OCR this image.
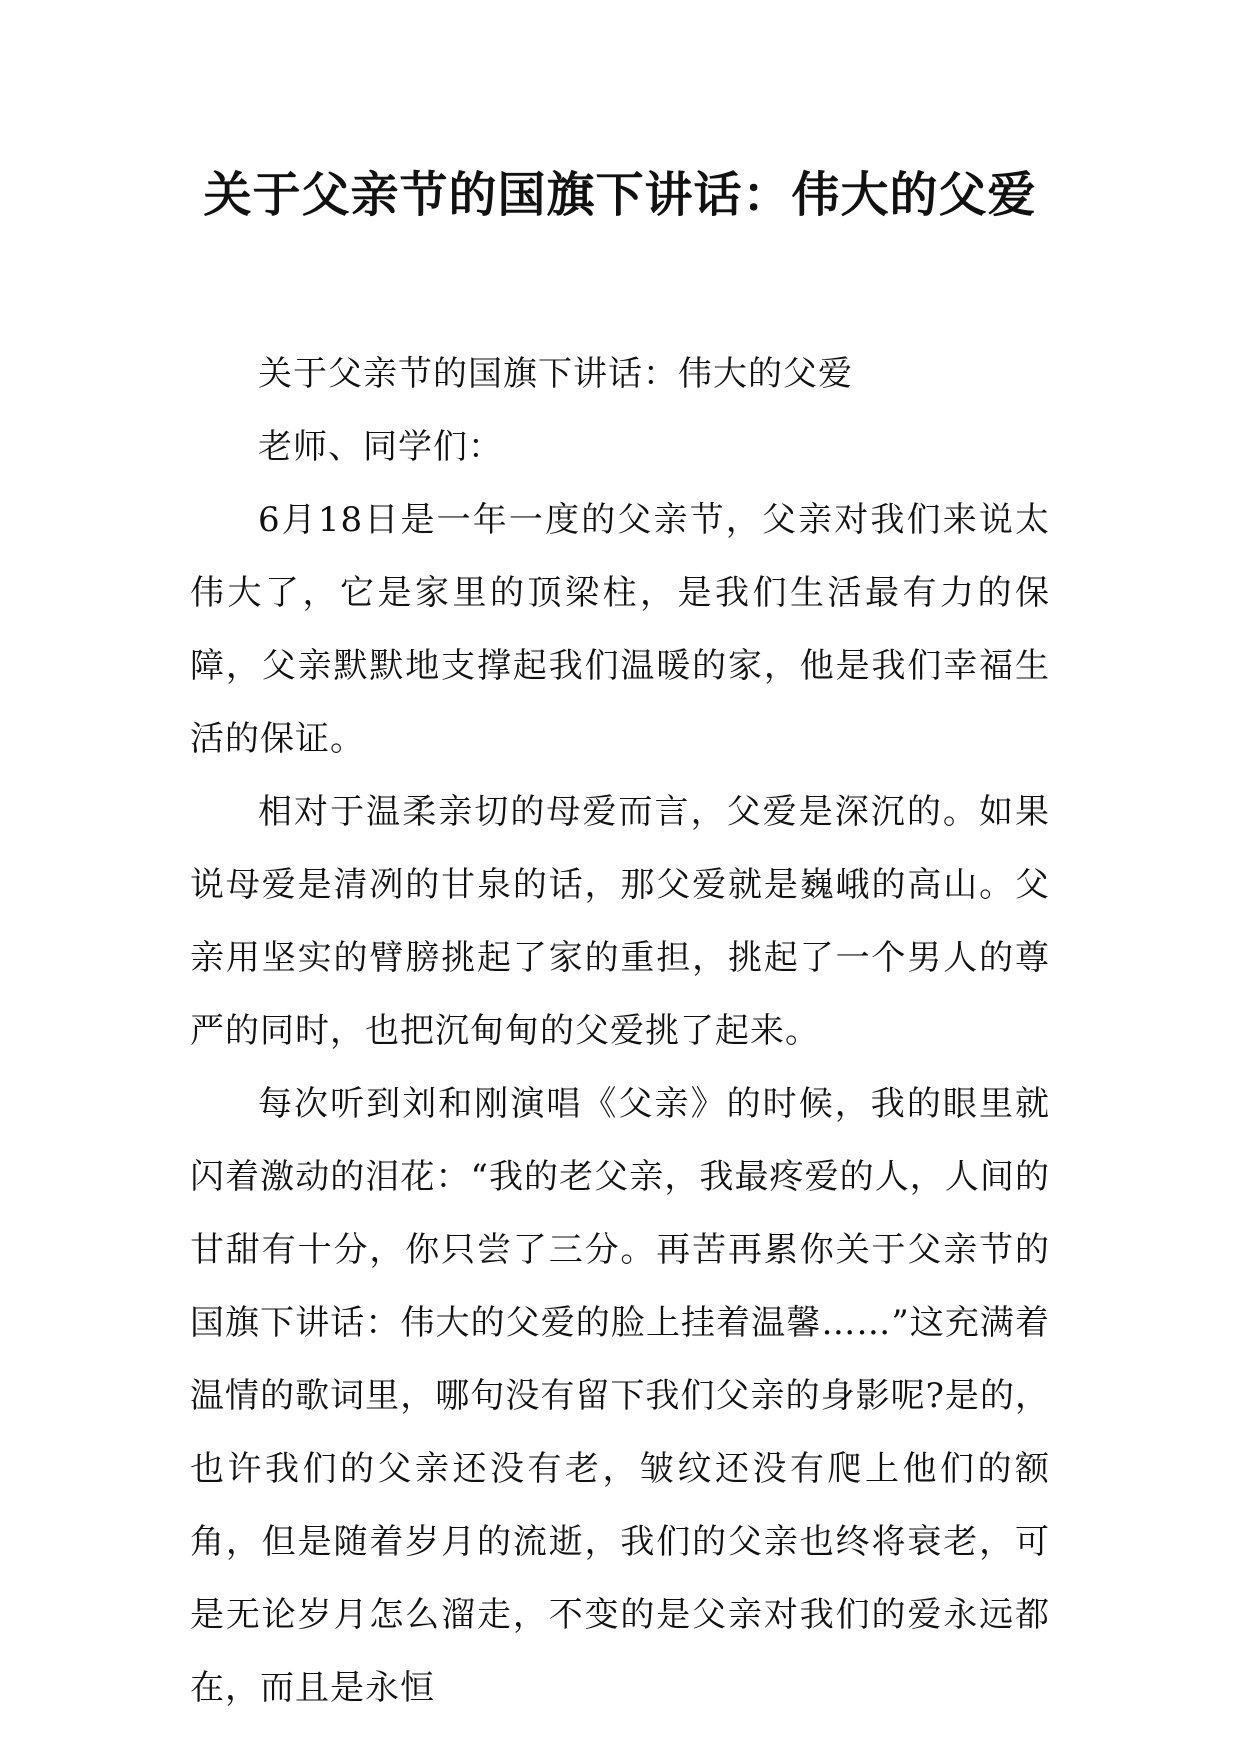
关于父亲节的国旗下讲话：伟大的父爱

关于父亲节的国旗下讲话：伟大的父爱

老师、同学们：

6月18日是一年一度的父亲节，父亲对我们来说太伟大了，它是家里的顶梁柱，是我们生活最有力的保障，父亲默默地支撑起我们温暖的家，他是我们幸福生活的保证。

相对于温柔亲切的母爱而言，父爱是深沉的。如果说母爱是清冽的甘泉的话，那父爱就是巍峨的高山。父亲用坚实的臂膀挑起了家的重担，挑起了一个男人的尊严的同时，也把沉甸甸的父爱挑了起来。

每次听到刘和刚演唱《父亲》的时候，我的眼里就闪着激动的泪花：“我的老父亲，我最疼爱的人，人间的甘甜有十分，你只尝了三分。再苦再累你关于父亲节的国旗下讲话：伟大的父爱的脸上挂着温馨……”这充满着温情的歌词里，哪句没有留下我们父亲的身影呢?是的，也许我们的父亲还没有老，皱纹还没有爬上他们的额角，但是随着岁月的流逝，我们的父亲也终将衰老，可是无论岁月怎么溜走，不变的是父亲对我们的爱永远都在，而且是永恒
